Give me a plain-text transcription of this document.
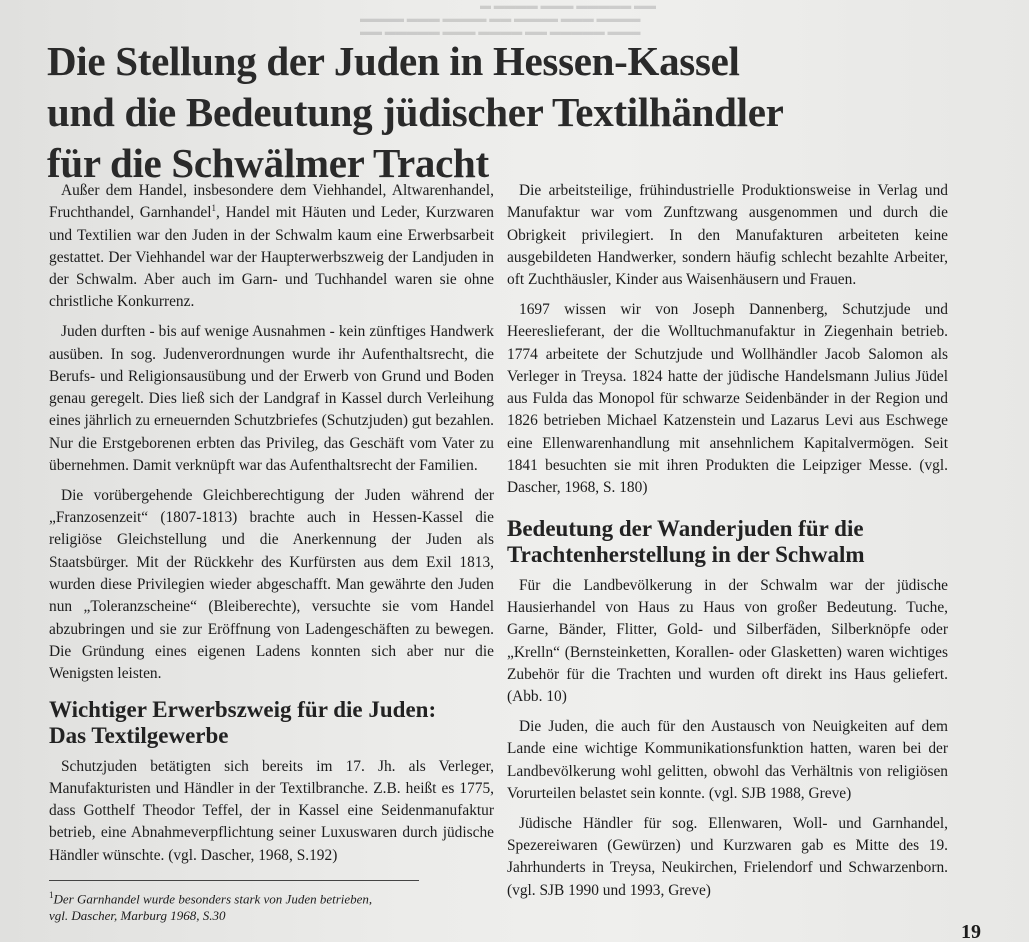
▬ ▬▬▬▬ ▬▬▬ ▬▬▬▬▬ ▬▬
▬▬▬▬ ▬▬▬ ▬▬▬▬ ▬▬ ▬▬▬▬ ▬▬▬ ▬▬▬▬
▬▬ ▬▬▬▬▬ ▬▬▬ ▬▬▬▬ ▬▬ ▬▬▬▬▬ ▬▬▬
Die Stellung der Juden in Hessen-Kassel
und die Bedeutung jüdischer Textilhändler
für die Schwälmer Tracht

Außer dem Handel, insbesondere dem Viehhandel, Altwarenhandel, Fruchthandel, Garnhandel$^1$, Handel mit Häuten und Leder, Kurzwaren und Textilien war den Juden in der Schwalm kaum eine Erwerbsarbeit gestattet. Der Viehhandel war der Haupterwerbszweig der Landjuden in der Schwalm. Aber auch im Garn- und Tuchhandel waren sie ohne christliche Konkurrenz.

Juden durften - bis auf wenige Ausnahmen - kein zünftiges Handwerk ausüben. In sog. Judenverordnungen wurde ihr Aufenthaltsrecht, die Berufs- und Religionsausübung und der Erwerb von Grund und Boden genau geregelt. Dies ließ sich der Landgraf in Kassel durch Verleihung eines jährlich zu erneuernden Schutzbriefes (Schutzjuden) gut bezahlen. Nur die Erstgeborenen erbten das Privileg, das Geschäft vom Vater zu übernehmen. Damit verknüpft war das Aufenthaltsrecht der Familien.

Die vorübergehende Gleichberechtigung der Juden während der „Franzosenzeit“ (1807-1813) brachte auch in Hessen-Kassel die religiöse Gleichstellung und die Anerkennung der Juden als Staatsbürger. Mit der Rückkehr des Kurfürsten aus dem Exil 1813, wurden diese Privilegien wieder abgeschafft. Man gewährte den Juden nun „Toleranzscheine“ (Bleiberechte), versuchte sie vom Handel abzubringen und sie zur Eröffnung von Ladengeschäften zu bewegen. Die Gründung eines eigenen Ladens konnten sich aber nur die Wenigsten leisten.

Wichtiger Erwerbszweig für die Juden:
Das Textilgewerbe

Schutzjuden betätigten sich bereits im 17. Jh. als Verleger, Manufakturisten und Händler in der Textilbranche. Z.B. heißt es 1775, dass Gotthelf Theodor Teffel, der in Kassel eine Seidenmanufaktur betrieb, eine Abnahmeverpflichtung seiner Luxuswaren durch jüdische Händler wünschte. (vgl. Dascher, 1968, S.192)

Die arbeitsteilige, frühindustrielle Produktionsweise in Verlag und Manufaktur war vom Zunftzwang ausgenommen und durch die Obrigkeit privilegiert. In den Manufakturen arbeiteten keine ausgebildeten Handwerker, sondern häufig schlecht bezahlte Arbeiter, oft Zuchthäusler, Kinder aus Waisenhäusern und Frauen.

1697 wissen wir von Joseph Dannenberg, Schutzjude und Heereslieferant, der die Wolltuchmanufaktur in Ziegenhain betrieb. 1774 arbeitete der Schutzjude und Wollhändler Jacob Salomon als Verleger in Treysa. 1824 hatte der jüdische Handelsmann Julius Jüdel aus Fulda das Monopol für schwarze Seidenbänder in der Region und 1826 betrieben Michael Katzenstein und Lazarus Levi aus Eschwege eine Ellenwarenhandlung mit ansehnlichem Kapitalvermögen. Seit 1841 besuchten sie mit ihren Produkten die Leipziger Messe. (vgl. Dascher, 1968, S. 180)

Bedeutung der Wanderjuden für die
Trachtenherstellung in der Schwalm

Für die Landbevölkerung in der Schwalm war der jüdische Hausierhandel von Haus zu Haus von großer Bedeutung. Tuche, Garne, Bänder, Flitter, Gold- und Silberfäden, Silberknöpfe oder „Krelln“ (Bernsteinketten, Korallen- oder Glasketten) waren wichtiges Zubehör für die Trachten und wurden oft direkt ins Haus geliefert. (Abb. 10)

Die Juden, die auch für den Austausch von Neuigkeiten auf dem Lande eine wichtige Kommunikationsfunktion hatten, waren bei der Landbevölkerung wohl gelitten, obwohl das Verhältnis von religiösen Vorurteilen belastet sein konnte. (vgl. SJB 1988, Greve)

Jüdische Händler für sog. Ellenwaren, Woll- und Garnhandel, Spezereiwaren (Gewürzen) und Kurzwaren gab es Mitte des 19. Jahrhunderts in Treysa, Neukirchen, Frielendorf und Schwarzenborn. (vgl. SJB 1990 und 1993, Greve)

$^1$Der Garnhandel wurde besonders stark von Juden betrieben,
vgl. Dascher, Marburg 1968, S.30
19
